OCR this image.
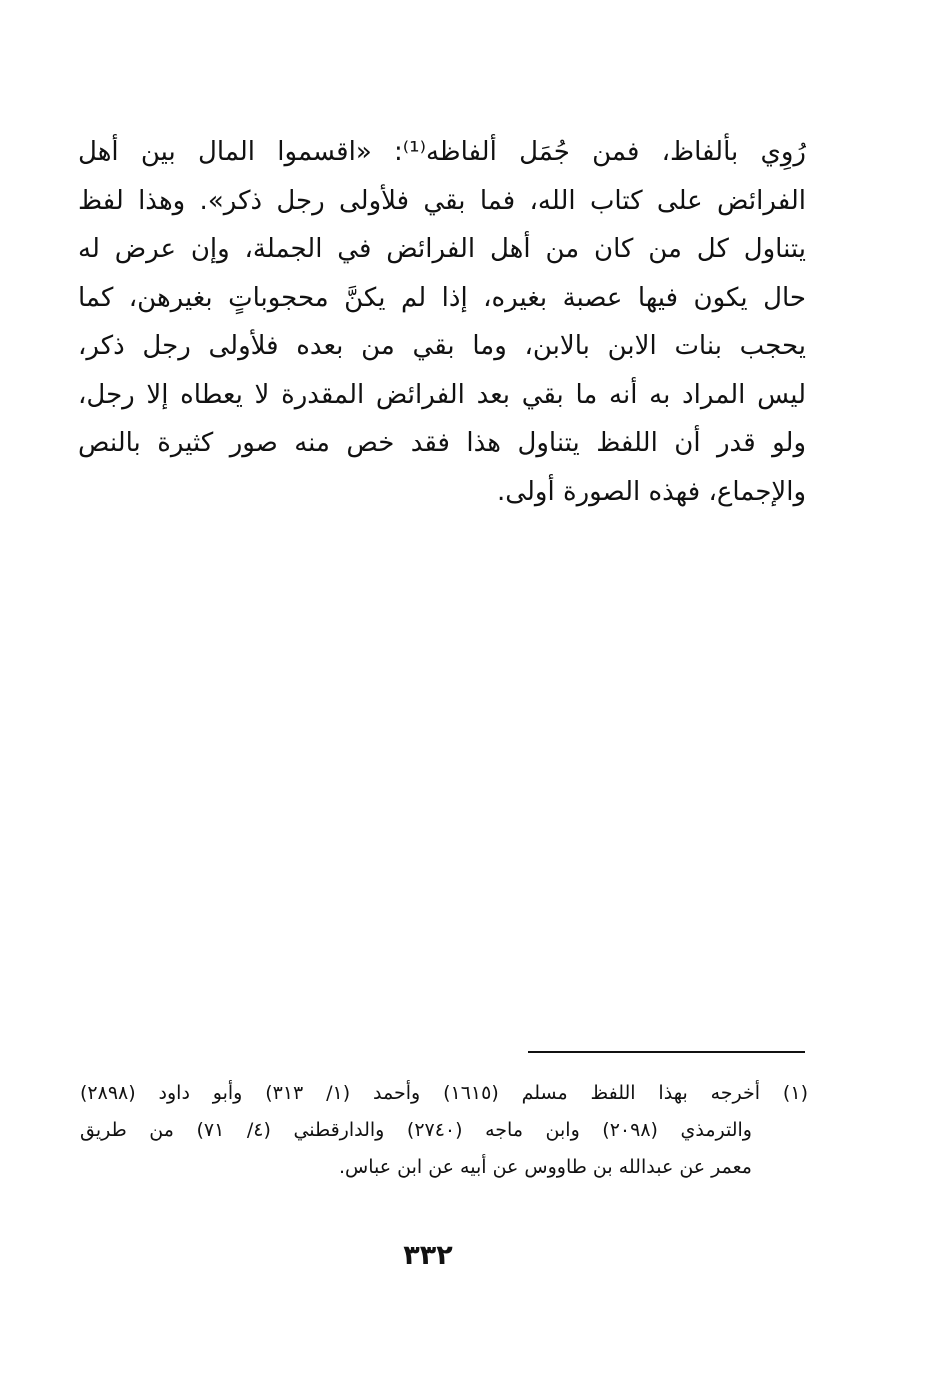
رُوِي بألفاظ، فمن جُمَل ألفاظه⁽¹⁾: «اقسموا المال بين أهل
الفرائض على كتاب الله، فما بقي فلأولى رجل ذكر». وهذا لفظ
يتناول كل من كان من أهل الفرائض في الجملة، وإن عرض له
حال يكون فيها عصبة بغيره، إذا لم يكنَّ محجوباتٍ بغيرهن، كما
يحجب بنات الابن بالابن، وما بقي من بعده فلأولى رجل ذكر،
ليس المراد به أنه ما بقي بعد الفرائض المقدرة لا يعطاه إلا رجل،
ولو قدر أن اللفظ يتناول هذا فقد خص منه صور كثيرة بالنص
والإجماع، فهذه الصورة أولى.
(١) أخرجه بهذا اللفظ مسلم (١٦١٥) وأحمد (١/ ٣١٣) وأبو داود (٢٨٩٨)
والترمذي (٢٠٩٨) وابن ماجه (٢٧٤٠) والدارقطني (٤/ ٧١) من طريق
معمر عن عبدالله بن طاووس عن أبيه عن ابن عباس.
٣٣٢
